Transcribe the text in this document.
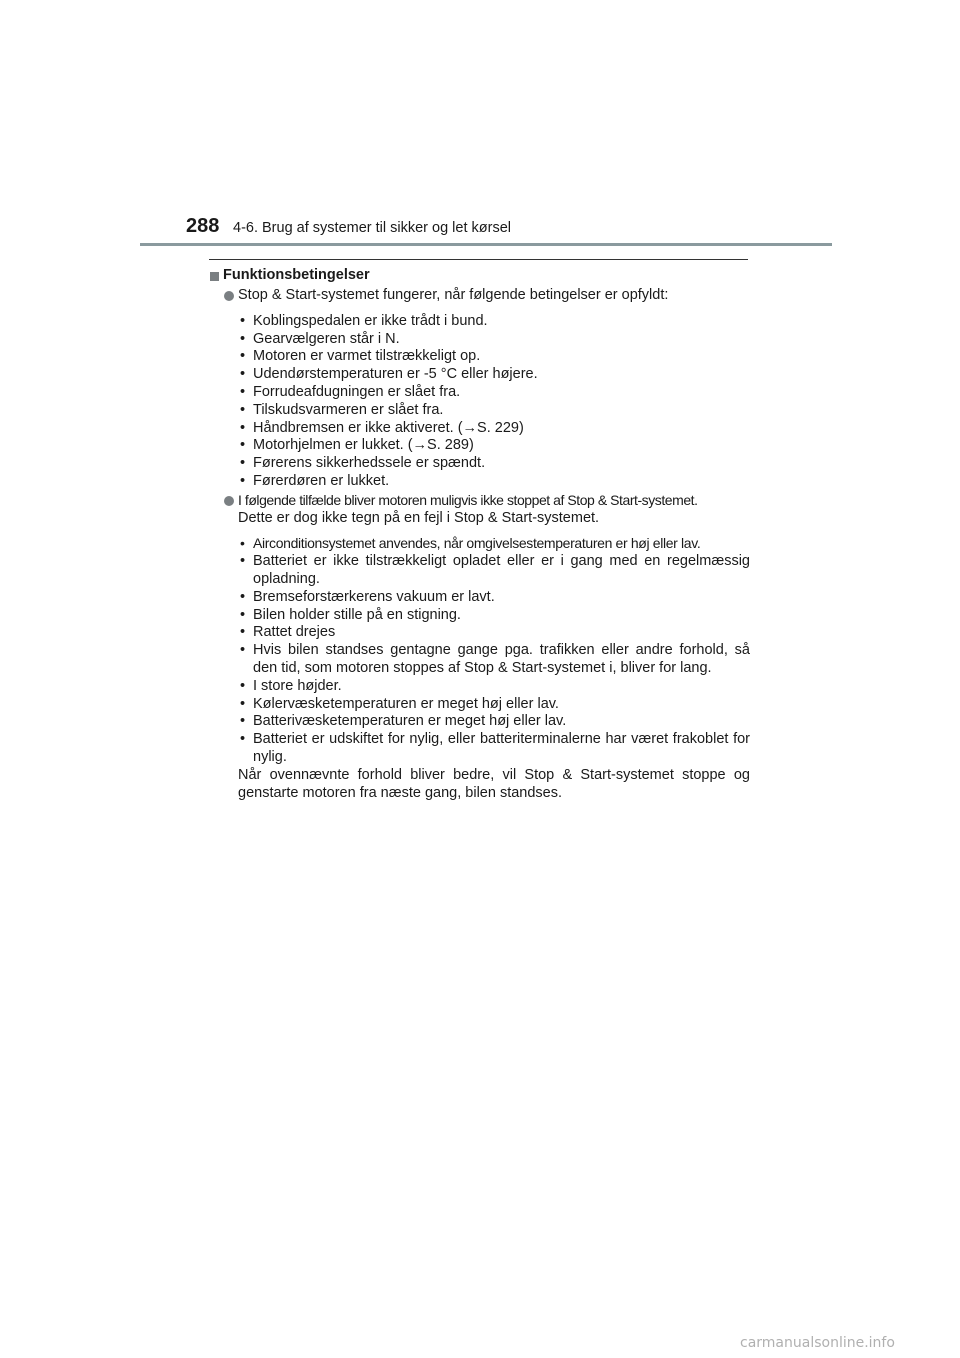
288 4-6. Brug af systemer til sikker og let kørsel
Funktionsbetingelser
Stop & Start-systemet fungerer, når følgende betingelser er opfyldt:
• Koblingspedalen er ikke trådt i bund.
• Gearvælgeren står i N.
• Motoren er varmet tilstrækkeligt op.
• Udendørstemperaturen er -5 °C eller højere.
• Forrudeafdugningen er slået fra.
• Tilskudsvarmeren er slået fra.
• Håndbremsen er ikke aktiveret. (→S. 229)
• Motorhjelmen er lukket. (→S. 289)
• Førerens sikkerhedssele er spændt.
• Førerdøren er lukket.
I følgende tilfælde bliver motoren muligvis ikke stoppet af Stop & Start-systemet.
Dette er dog ikke tegn på en fejl i Stop & Start-systemet.
• Airconditionsystemet anvendes, når omgivelsestemperaturen er høj eller lav.
• Batteriet er ikke tilstrækkeligt opladet eller er i gang med en regelmæssig opladning.
• Bremseforstærkerens vakuum er lavt.
• Bilen holder stille på en stigning.
• Rattet drejes
• Hvis bilen standses gentagne gange pga. trafikken eller andre forhold, så den tid, som motoren stoppes af Stop & Start-systemet i, bliver for lang.
• I store højder.
• Kølervæsketemperaturen er meget høj eller lav.
• Batterivæsketemperaturen er meget høj eller lav.
• Batteriet er udskiftet for nylig, eller batteriterminalerne har været frakoblet for nylig.
Når ovennævnte forhold bliver bedre, vil Stop & Start-systemet stoppe og genstarte motoren fra næste gang, bilen standses.
carmanualsonline.info
